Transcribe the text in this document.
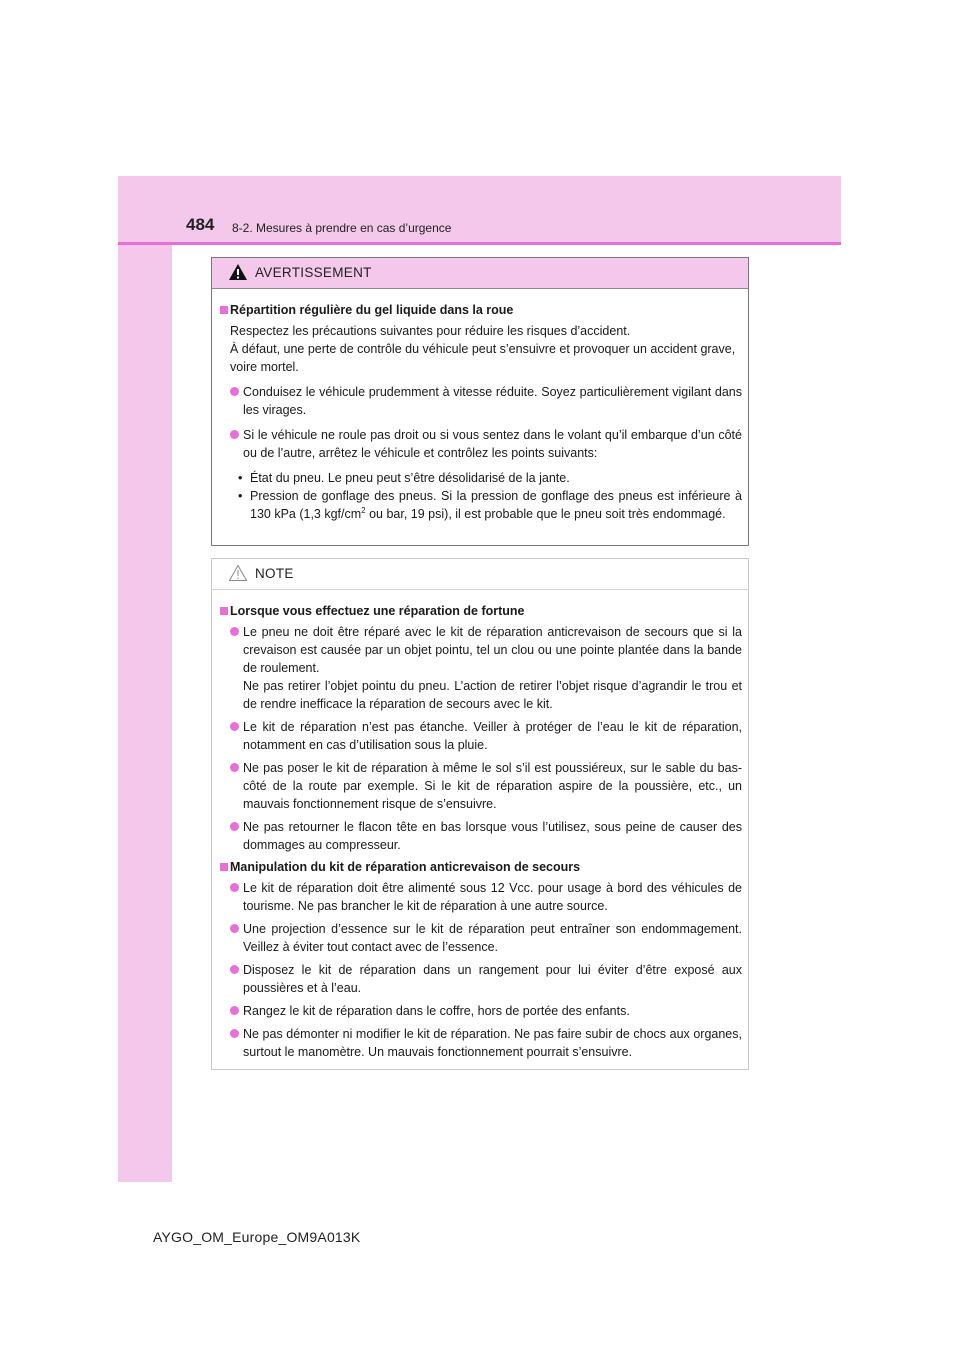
484 8-2. Mesures à prendre en cas d’urgence
AVERTISSEMENT
Répartition régulière du gel liquide dans la roue

Respectez les précautions suivantes pour réduire les risques d’accident.

À défaut, une perte de contrôle du véhicule peut s’ensuivre et provoquer un accident grave, voire mortel.

Conduisez le véhicule prudemment à vitesse réduite. Soyez particulièrement vigilant dans les virages.
Si le véhicule ne roule pas droit ou si vous sentez dans le volant qu’il embarque d’un côté ou de l’autre, arrêtez le véhicule et contrôlez les points suivants:
• État du pneu. Le pneu peut s’être désolidarisé de la jante.
• Pression de gonflage des pneus. Si la pression de gonflage des pneus est inférieure à 130 kPa (1,3 kgf/$cm^2$ ou bar, 19 psi), il est probable que le pneu soit très endommagé.
NOTE
Lorsque vous effectuez une réparation de fortune
Le pneu ne doit être réparé avec le kit de réparation anticrevaison de secours que si la crevaison est causée par un objet pointu, tel un clou ou une pointe plantée dans la bande de roulement.
Ne pas retirer l’objet pointu du pneu. L’action de retirer l’objet risque d’agrandir le trou et de rendre inefficace la réparation de secours avec le kit.
Le kit de réparation n’est pas étanche. Veiller à protéger de l’eau le kit de réparation, notamment en cas d’utilisation sous la pluie.
Ne pas poser le kit de réparation à même le sol s’il est poussiéreux, sur le sable du bas-côté de la route par exemple. Si le kit de réparation aspire de la poussière, etc., un mauvais fonctionnement risque de s’ensuivre.
Ne pas retourner le flacon tête en bas lorsque vous l’utilisez, sous peine de causer des dommages au compresseur.
Manipulation du kit de réparation anticrevaison de secours
Le kit de réparation doit être alimenté sous 12 Vcc. pour usage à bord des véhicules de tourisme. Ne pas brancher le kit de réparation à une autre source.
Une projection d’essence sur le kit de réparation peut entraîner son endommagement. Veillez à éviter tout contact avec de l’essence.
Disposez le kit de réparation dans un rangement pour lui éviter d’être exposé aux poussières et à l’eau.
Rangez le kit de réparation dans le coffre, hors de portée des enfants.
Ne pas démonter ni modifier le kit de réparation. Ne pas faire subir de chocs aux organes, surtout le manomètre. Un mauvais fonctionnement pourrait s’ensuivre.
AYGO_OM_Europe_OM9A013K
